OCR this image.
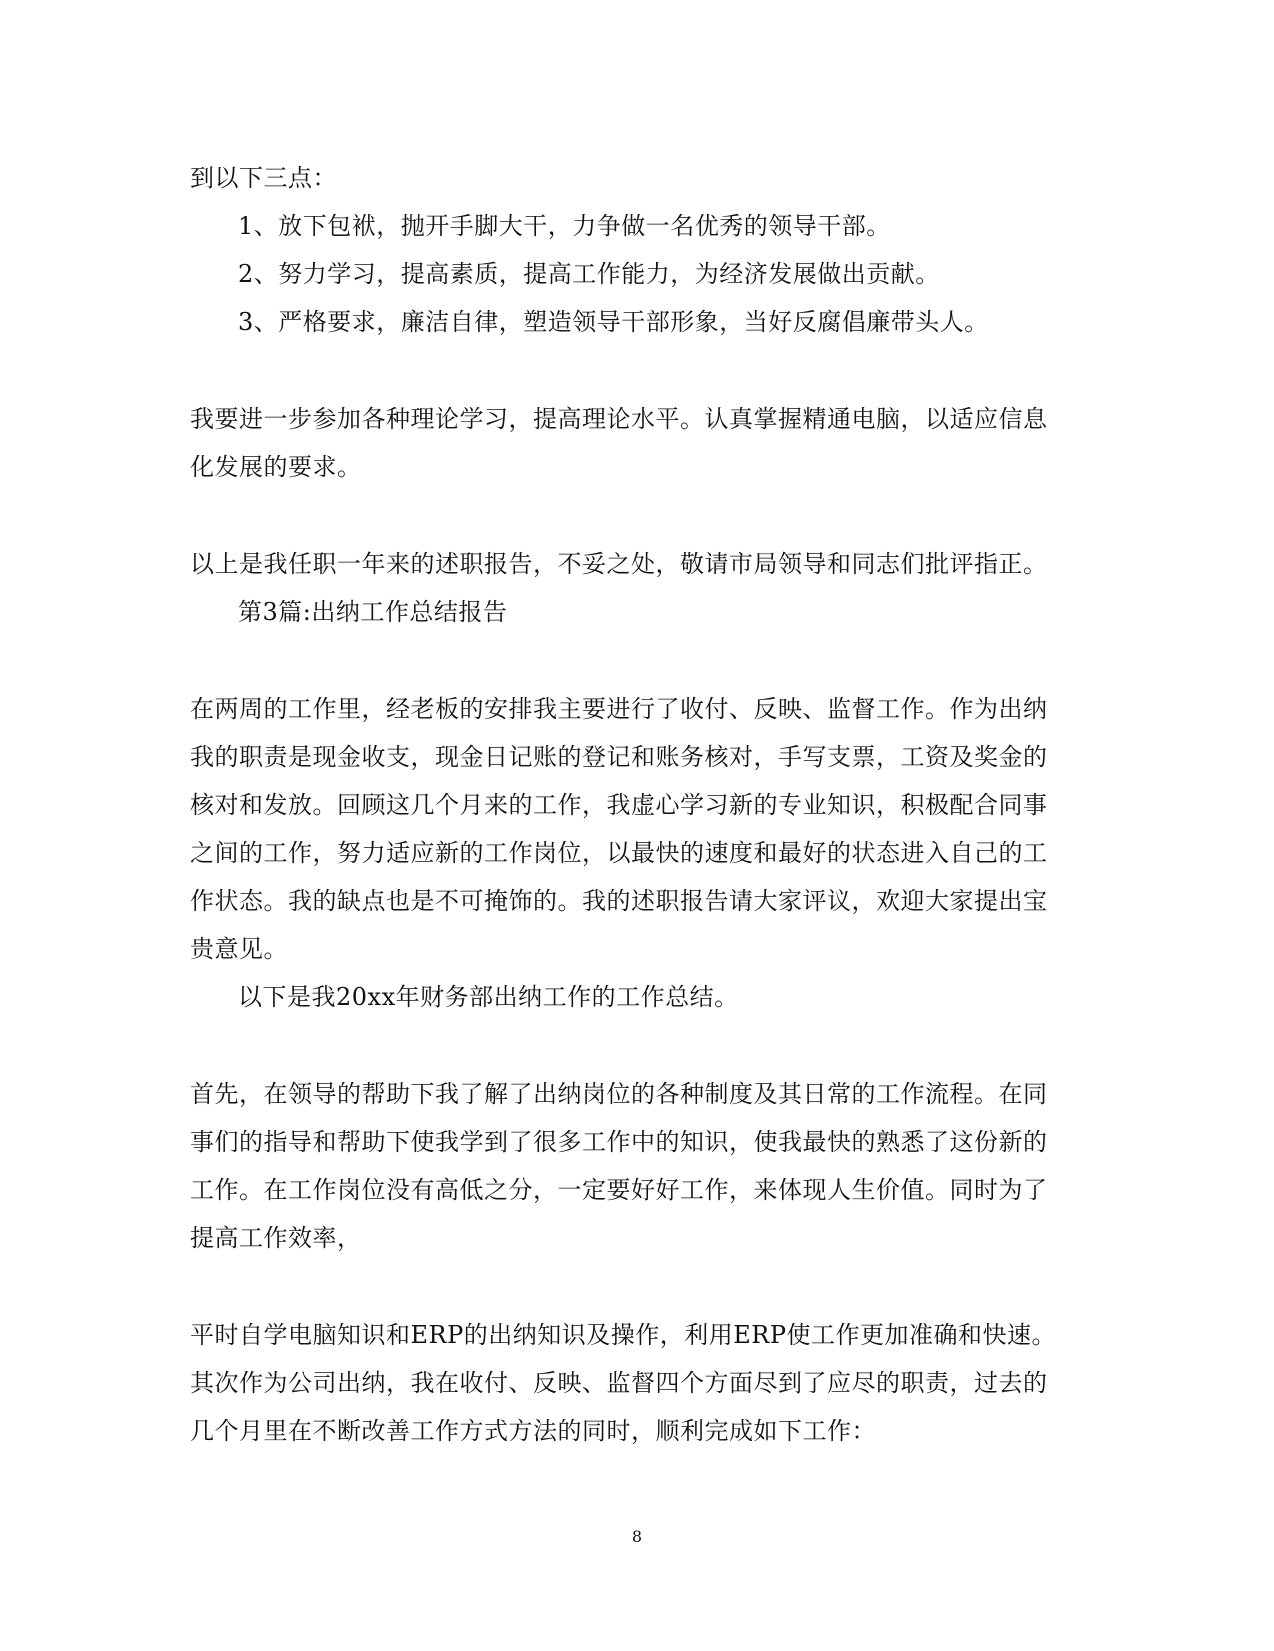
到以下三点：
1、放下包袱，抛开手脚大干，力争做一名优秀的领导干部。
2、努力学习，提高素质，提高工作能力，为经济发展做出贡献。
3、严格要求，廉洁自律，塑造领导干部形象，当好反腐倡廉带头人。
我要进一步参加各种理论学习，提高理论水平。认真掌握精通电脑，以适应信息
化发展的要求。
以上是我任职一年来的述职报告，不妥之处，敬请市局领导和同志们批评指正。
第3篇:出纳工作总结报告
在两周的工作里，经老板的安排我主要进行了收付、反映、监督工作。作为出纳
我的职责是现金收支，现金日记账的登记和账务核对，手写支票，工资及奖金的
核对和发放。回顾这几个月来的工作，我虚心学习新的专业知识，积极配合同事
之间的工作，努力适应新的工作岗位，以最快的速度和最好的状态进入自己的工
作状态。我的缺点也是不可掩饰的。我的述职报告请大家评议，欢迎大家提出宝
贵意见。
以下是我20xx年财务部出纳工作的工作总结。
首先，在领导的帮助下我了解了出纳岗位的各种制度及其日常的工作流程。在同
事们的指导和帮助下使我学到了很多工作中的知识，使我最快的熟悉了这份新的
工作。在工作岗位没有高低之分，一定要好好工作，来体现人生价值。同时为了
提高工作效率，
平时自学电脑知识和ERP的出纳知识及操作，利用ERP使工作更加准确和快速。
其次作为公司出纳，我在收付、反映、监督四个方面尽到了应尽的职责，过去的
几个月里在不断改善工作方式方法的同时，顺利完成如下工作：
8
